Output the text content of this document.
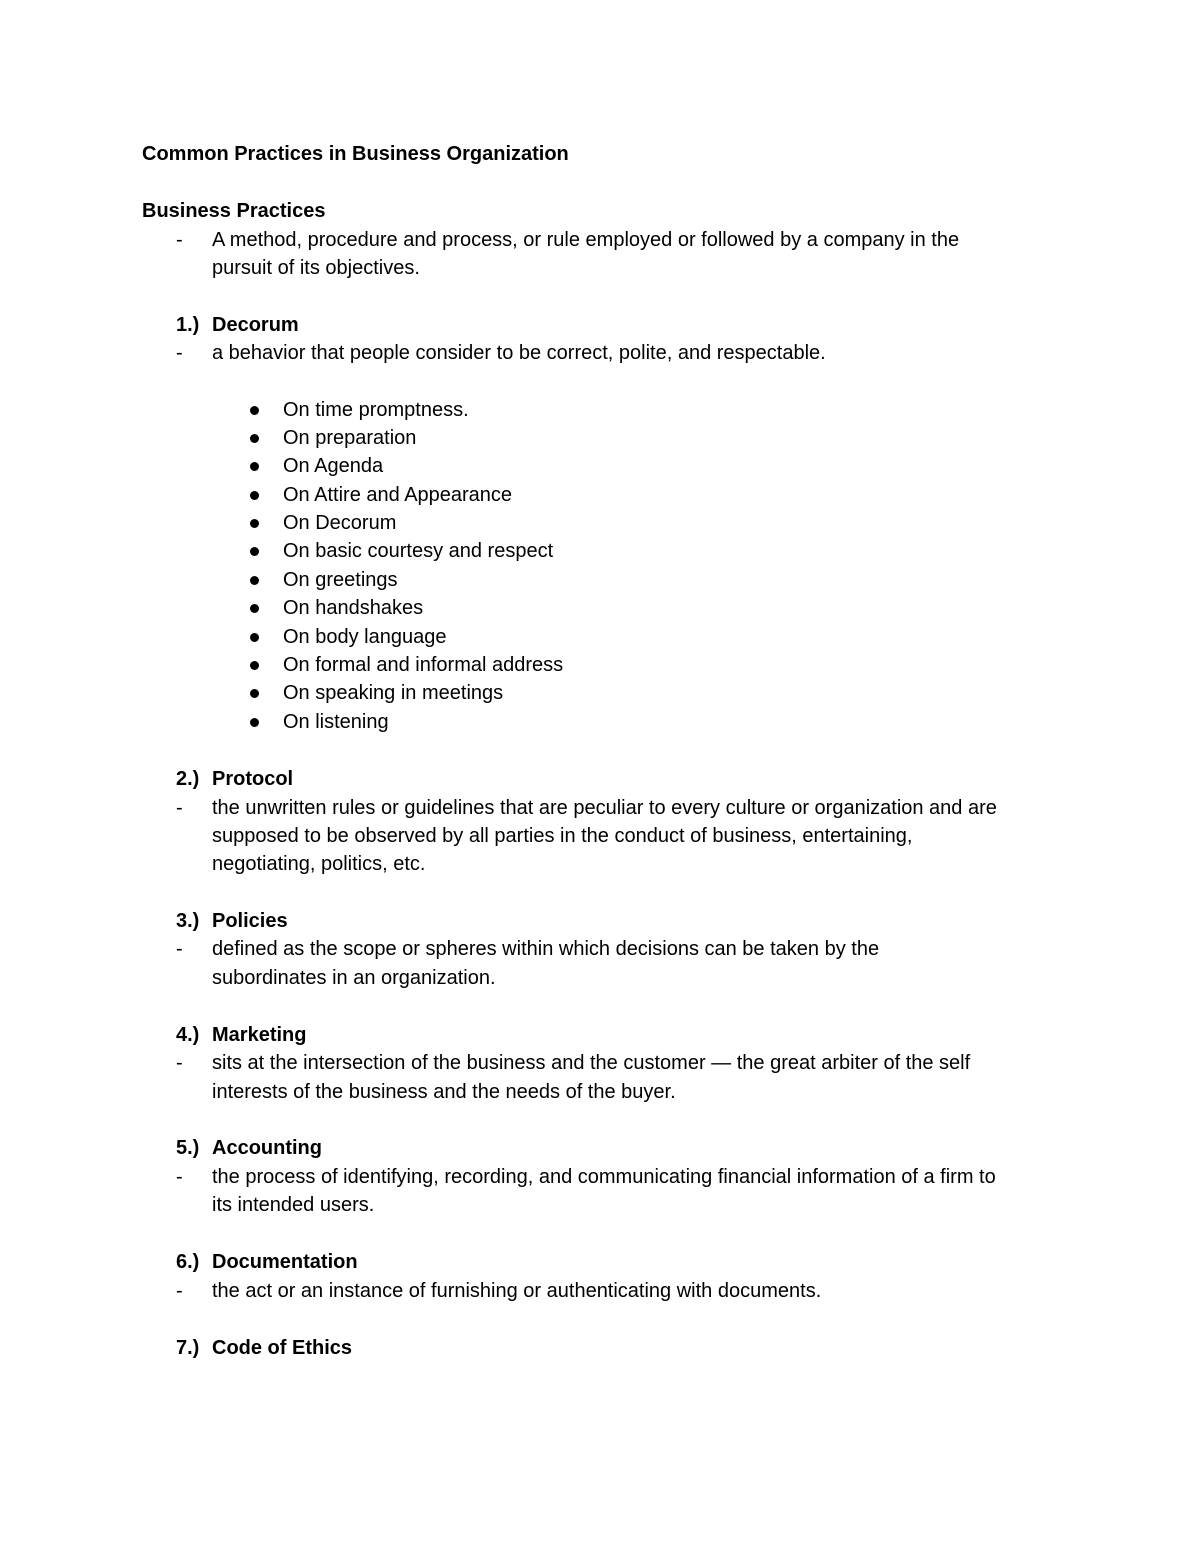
Common Practices in Business Organization
Business Practices
- A method, procedure and process, or rule employed or followed by a company in the
pursuit of its objectives.
1.) Decorum
- a behavior that people consider to be correct, polite, and respectable.
On time promptness.
On preparation
On Agenda
On Attire and Appearance
On Decorum
On basic courtesy and respect
On greetings
On handshakes
On body language
On formal and informal address
On speaking in meetings
On listening
2.) Protocol
- the unwritten rules or guidelines that are peculiar to every culture or organization and are
supposed to be observed by all parties in the conduct of business, entertaining,
negotiating, politics, etc.
3.) Policies
- defined as the scope or spheres within which decisions can be taken by the
subordinates in an organization.
4.) Marketing
- sits at the intersection of the business and the customer — the great arbiter of the self
interests of the business and the needs of the buyer.
5.) Accounting
- the process of identifying, recording, and communicating financial information of a firm to
its intended users.
6.) Documentation
- the act or an instance of furnishing or authenticating with documents.
7.) Code of Ethics
